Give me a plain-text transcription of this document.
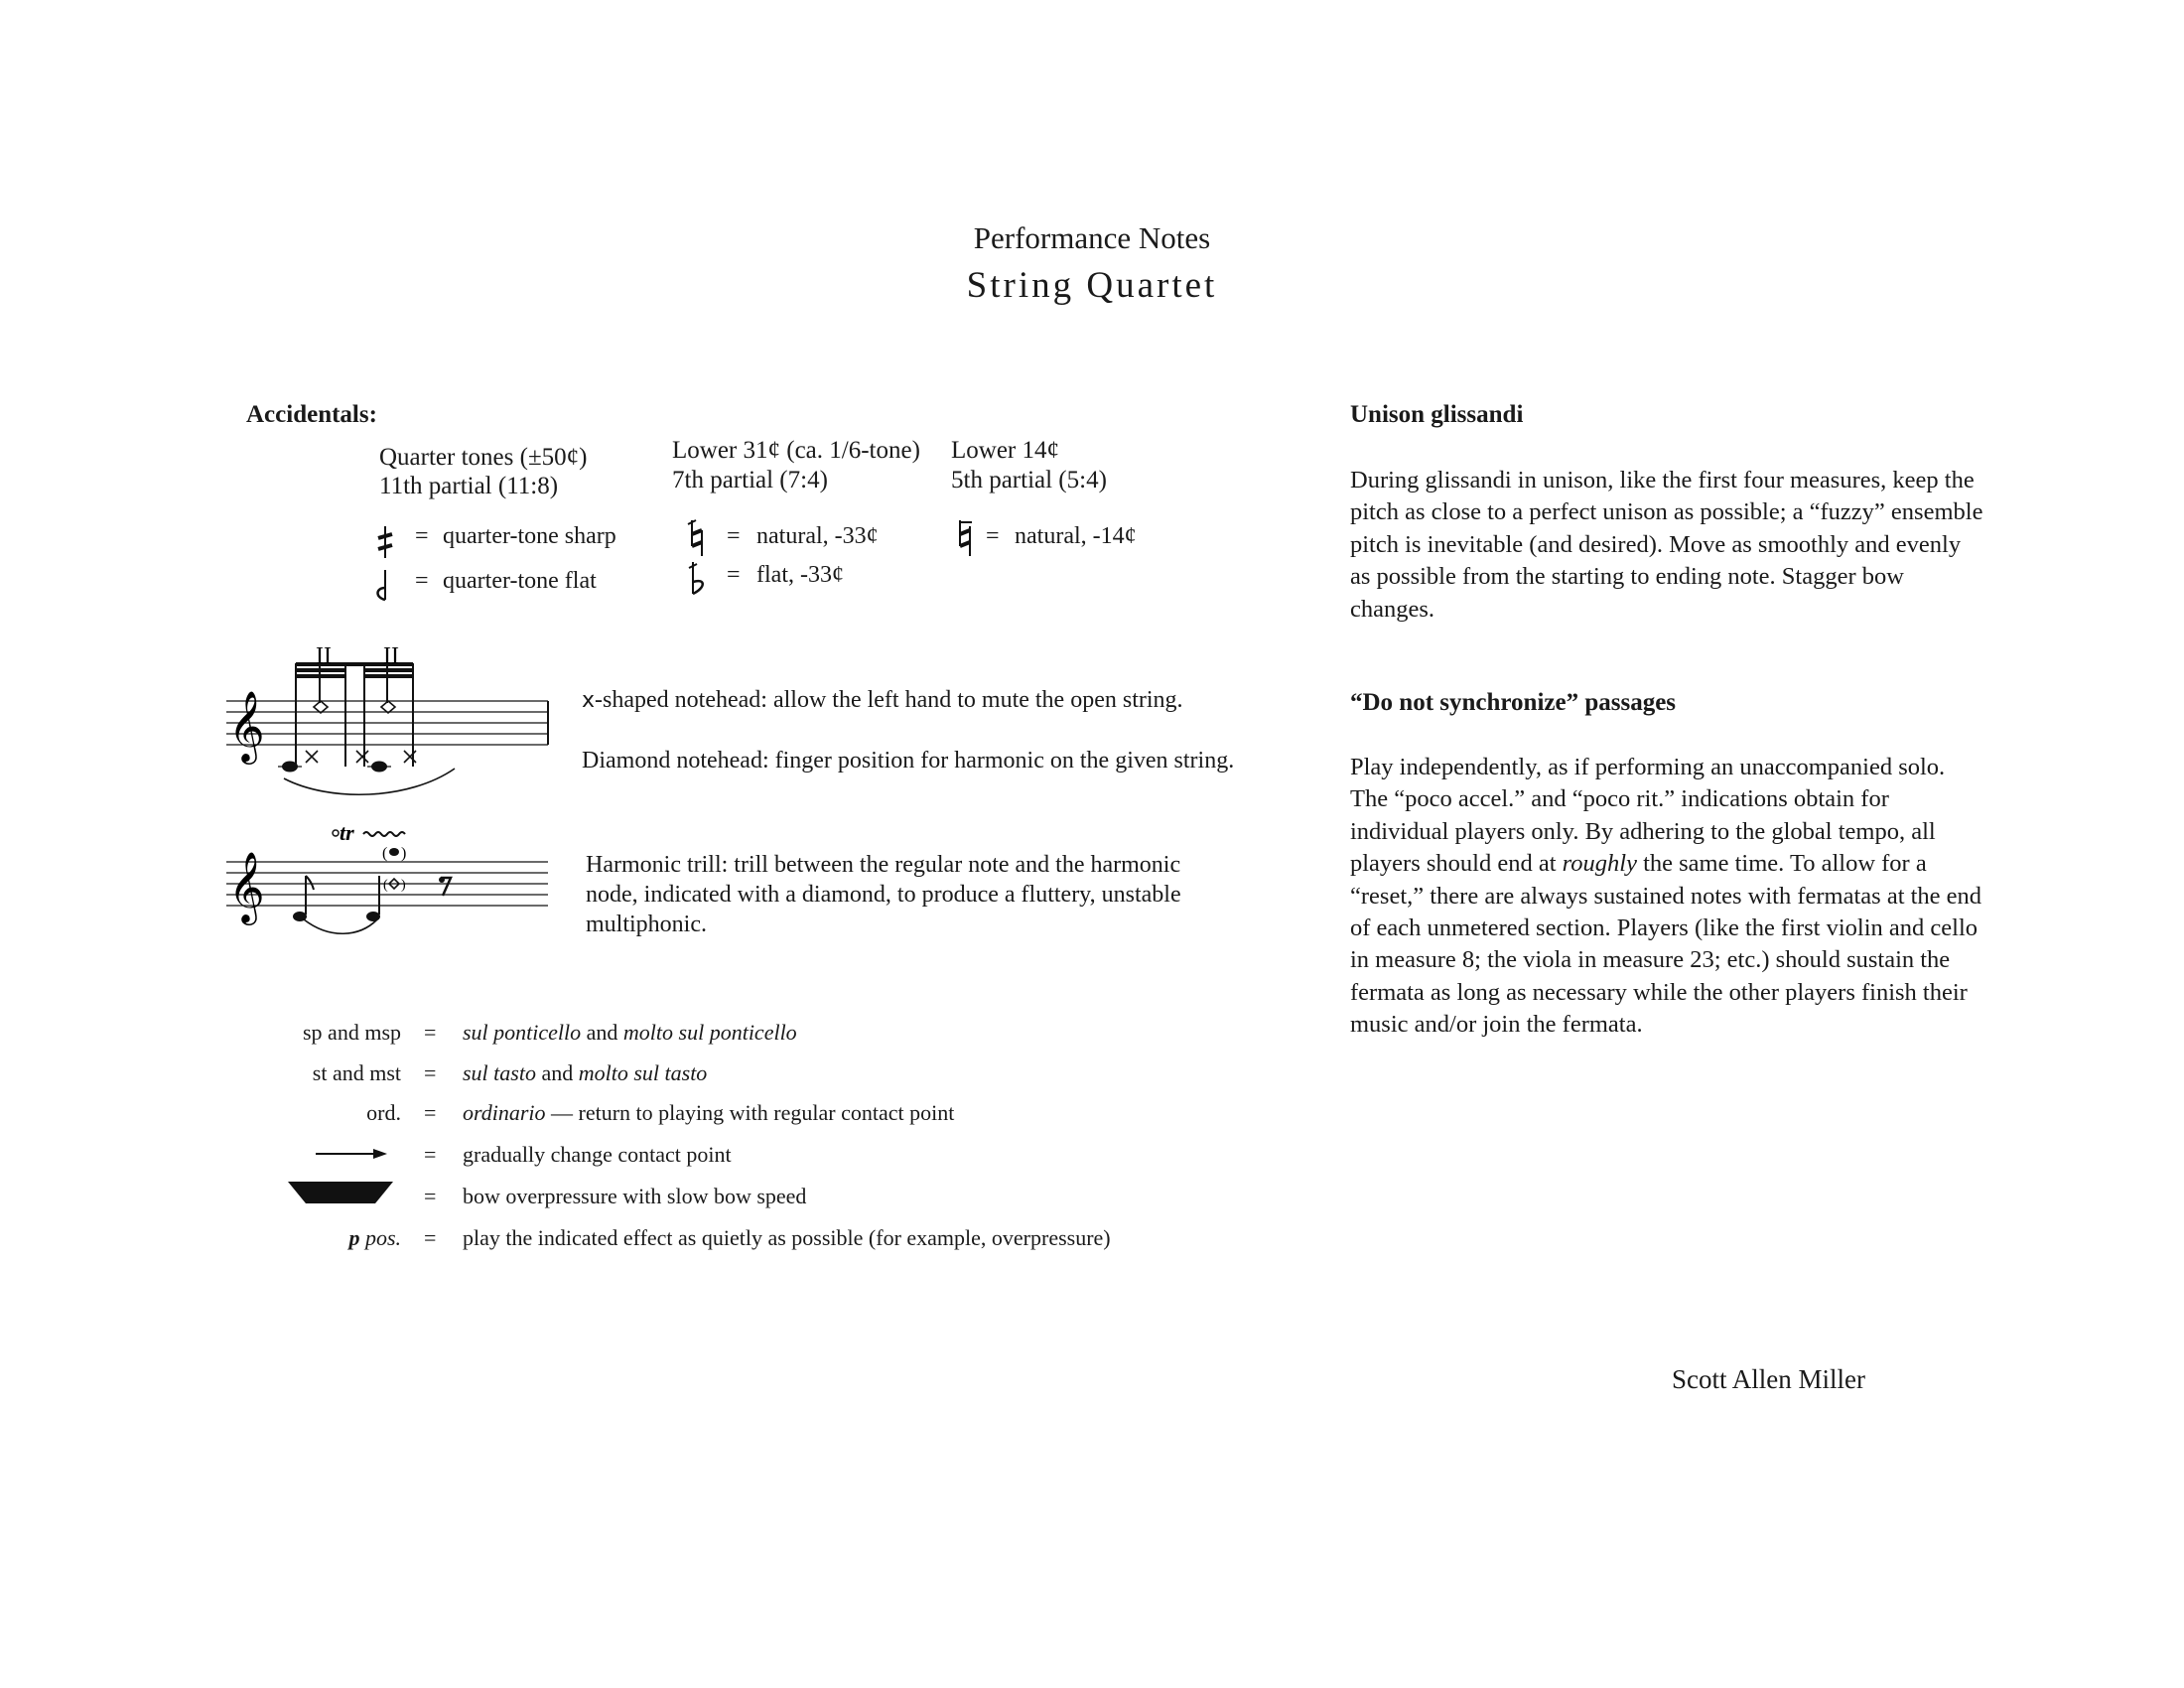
Performance Notes
String Quartet
Accidentals:
Quarter tones (±50¢)
11th partial (11:8)
Lower 31¢ (ca. 1/6-tone)
7th partial (7:4)
Lower 14¢
5th partial (5:4)
= quarter-tone sharp
= quarter-tone flat
= natural, -33¢
= flat, -33¢
= natural, -14¢
𝄞
II II
x-shaped notehead: allow the left hand to mute the open string.
Diamond notehead: finger position for harmonic on the given string.
𝄞
tr
( )
( )
Harmonic trill: trill between the regular note and the harmonic
node, indicated with a diamond, to produce a fluttery, unstable
multiphonic.
sp and msp = sul ponticello and molto sul ponticello
st and mst = sul tasto and molto sul tasto
ord. = ordinario — return to playing with regular contact point
= gradually change contact point
= bow overpressure with slow bow speed
p pos. = play the indicated effect as quietly as possible (for example, overpressure)
Unison glissandi
During glissandi in unison, like the first four measures, keep the pitch as close to a perfect unison as possible; a “fuzzy” ensemble pitch is inevitable (and desired). Move as smoothly and evenly as possible from the starting to ending note. Stagger bow changes.
“Do not synchronize” passages
Play independently, as if performing an unaccompanied solo. The “poco accel.” and “poco rit.” indications obtain for individual players only. By adhering to the global tempo, all players should end at roughly the same time. To allow for a “reset,” there are always sustained notes with fermatas at the end of each unmetered section. Players (like the first violin and cello in measure 8; the viola in measure 23; etc.) should sustain the fermata as long as necessary while the other players finish their music and/or join the fermata.
Scott Allen Miller
